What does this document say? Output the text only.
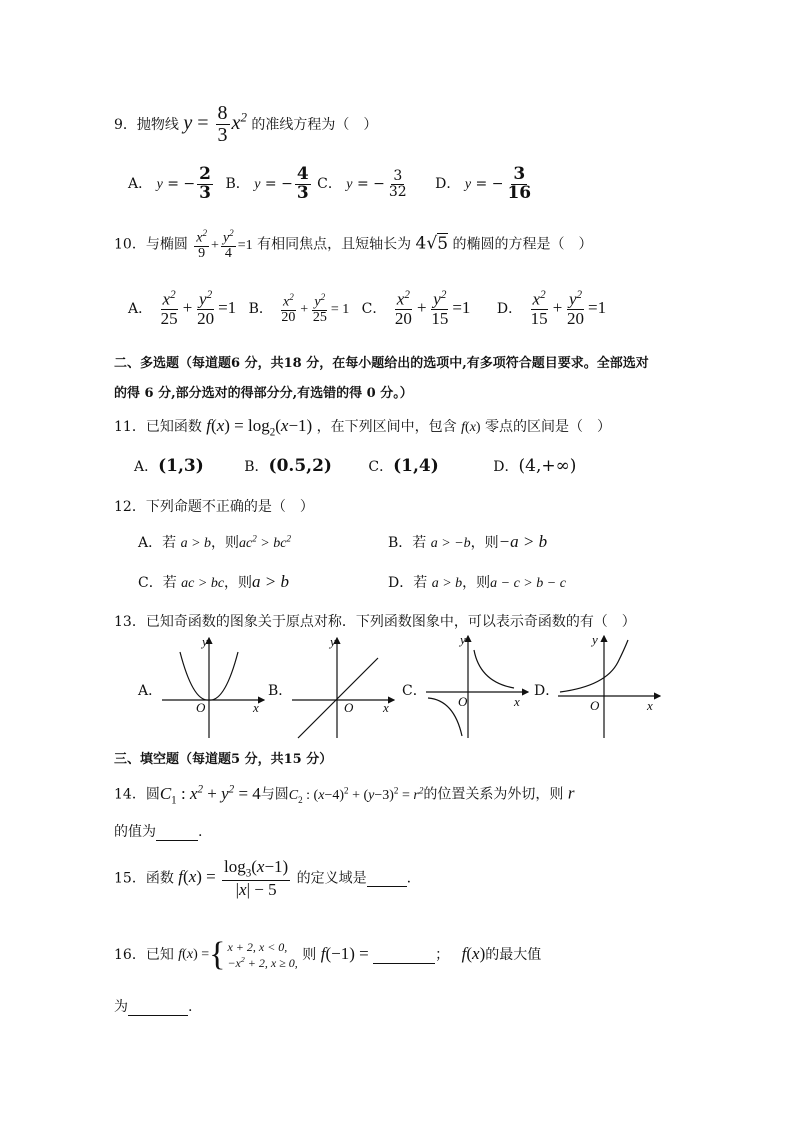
9．抛物线 $y = \frac{8}{3} x^2$ 的准线方程为（　）
A． y = − $\frac{2}{3}$ B． y = − $\frac{4}{3}$ C． y = − $\frac{3}{32}$ D． y = − $\frac{3}{16}$
10．与椭圆 $\frac{x^2}{9} + \frac{y^2}{4} =1$ 有相同焦点，且短轴长为 4√5 的椭圆的方程是（　）
A． $\frac{x^2}{25} + \frac{y^2}{20} =1$ B． $\frac{x^2}{20} + \frac{y^2}{25} = 1$ C． $\frac{x^2}{20} + \frac{y^2}{15} =1$ D． $\frac{x^2}{15} + \frac{y^2}{20} =1$
二、多选题（每道题6 分，共18 分，在每小题给出的选项中,有多项符合题目要求。全部选对
的得 6 分,部分选对的得部分分,有选错的得 0 分。）
11．已知函数 $f(x) = \log_2(x-1)$ ，在下列区间中，包含 f(x) 零点的区间是（　）
A．(1,3)	B．(0.5,2)	C．(1,4)	D．(4,+∞)
12．下列命题不正确的是（　）
A．若 a > b，则$ac^2 > bc^2$	B．若 a > −b，则−a > b
C．若 ac > bc，则a > b	D．若 a > b，则a − c > b − c
13．已知奇函数的图象关于原点对称．下列函数图象中，可以表示奇函数的有（　）
A．
y
x
O
B．
y
x
O
C．
y
x
O
D．
y
x
O
三、填空题（每道题5 分，共15 分）
14．圆$C_1$ : $x^2 + y^2 = 4$与圆$C_2$ : $(x-4)^2 + (y-3)^2 = r^2$的位置关系为外切，则 r
的值为	.
15．函数 $f(x) = \frac{\log_3(x-1)}{|x| - 5}$ 的定义域是	.
16．已知 f ( x ) = { x + 2, x < 0,
$-x^2 + 2$, x ≥ 0, 则 f(−1) =	； f(x)的最大值
为	.
